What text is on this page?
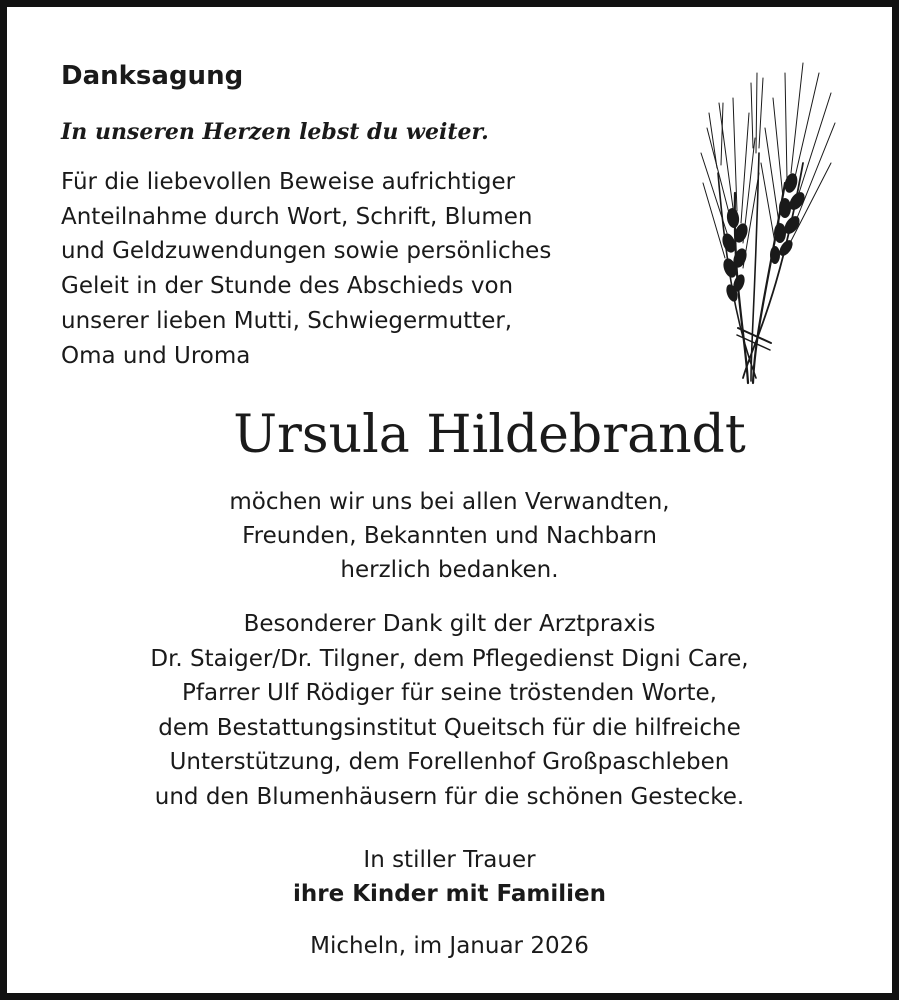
Danksagung
In unseren Herzen lebst du weiter.
Für die liebevollen Beweise aufrichtiger
Anteilnahme durch Wort, Schrift, Blumen
und Geldzuwendungen sowie persönliches
Geleit in der Stunde des Abschieds von
unserer lieben Mutti, Schwiegermutter,
Oma und Uroma
Ursula Hildebrandt
möchen wir uns bei allen Verwandten,
Freunden, Bekannten und Nachbarn
herzlich bedanken.
Besonderer Dank gilt der Arztpraxis
Dr. Staiger/Dr. Tilgner, dem Pflegedienst Digni Care,
Pfarrer Ulf Rödiger für seine tröstenden Worte,
dem Bestattungsinstitut Queitsch für die hilfreiche
Unterstützung, dem Forellenhof Großpaschleben
und den Blumenhäusern für die schönen Gestecke.
In stiller Trauer
ihre Kinder mit Familien
Micheln, im Januar 2026
